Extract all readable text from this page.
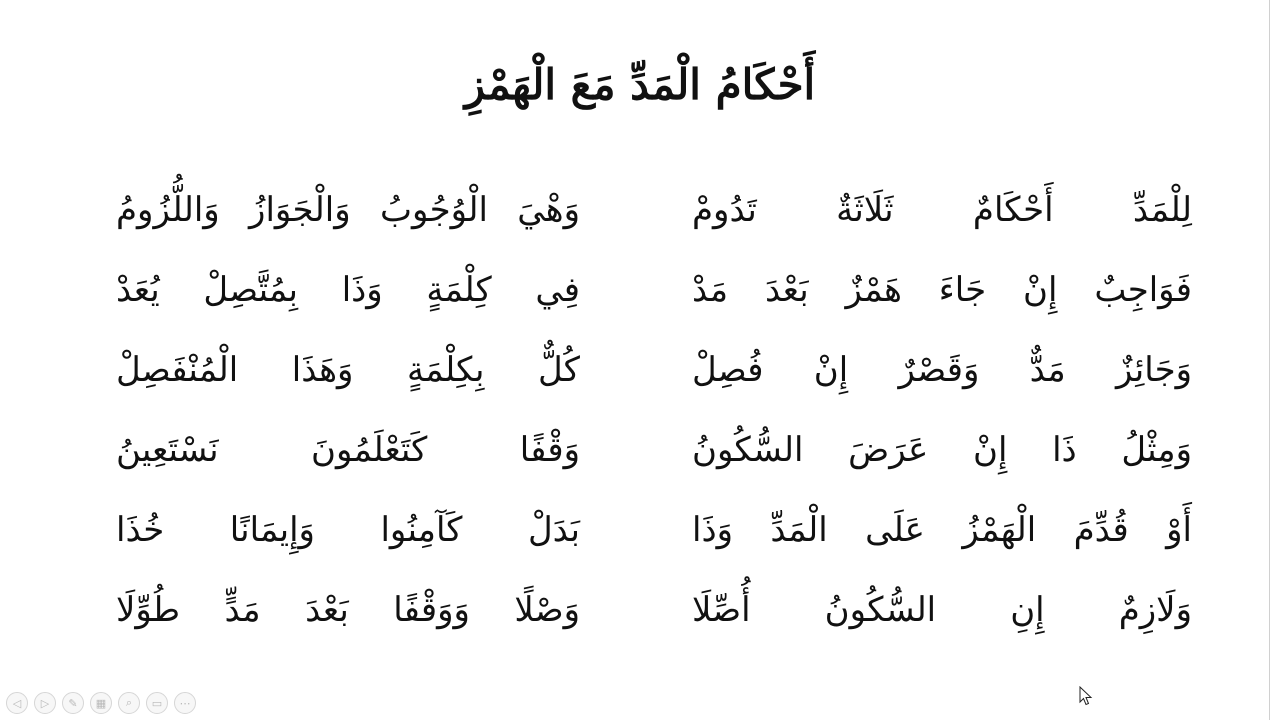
أَحْكَامُ الْمَدِّ مَعَ الْهَمْزِ
لِلْمَدِّ أَحْكَامٌ ثَلَاثَةٌ تَدُومْ
وَهْيَ الْوُجُوبُ وَالْجَوَازُ وَاللُّزُومُ
فَوَاجِبٌ إِنْ جَاءَ هَمْزٌ بَعْدَ مَدْ
فِي كِلْمَةٍ وَذَا بِمُتَّصِلْ يُعَدْ
وَجَائِزٌ مَدٌّ وَقَصْرٌ إِنْ فُصِلْ
كُلٌّ بِكِلْمَةٍ وَهَذَا الْمُنْفَصِلْ
وَمِثْلُ ذَا إِنْ عَرَضَ السُّكُونُ
وَقْفًا كَتَعْلَمُونَ نَسْتَعِينُ
أَوْ قُدِّمَ الْهَمْزُ عَلَى الْمَدِّ وَذَا
بَدَلْ كَآمِنُوا وَإِيمَانًا خُذَا
وَلَازِمٌ إِنِ السُّكُونُ أُصِّلَا
وَصْلًا وَوَقْفًا بَعْدَ مَدٍّ طُوِّلَا
◁ ▷ ✎ ▦ ⌕ ▭ ⋯
